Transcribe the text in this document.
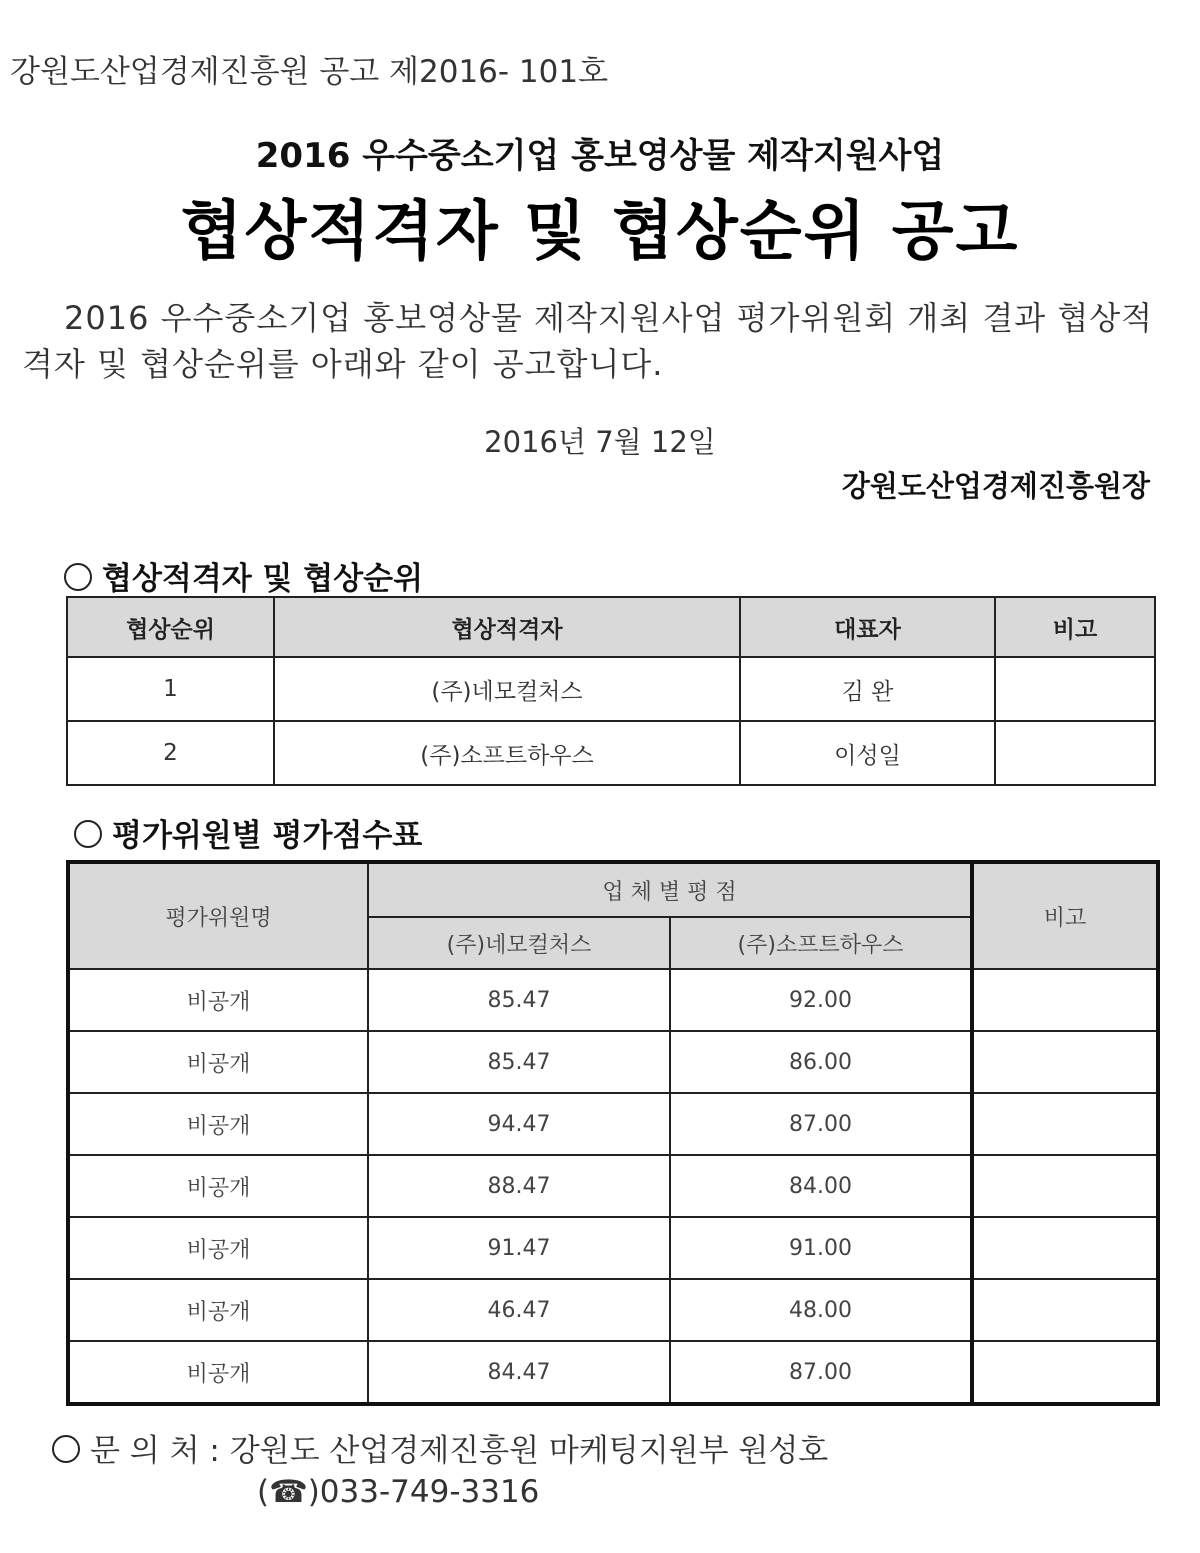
강원도산업경제진흥원 공고 제2016- 101호
2016 우수중소기업 홍보영상물 제작지원사업
협상적격자 및 협상순위 공고
2016 우수중소기업 홍보영상물 제작지원사업 평가위원회 개최 결과 협상적격자 및 협상순위를 아래와 같이 공고합니다.
2016년 7월 12일
강원도산업경제진흥원장
협상적격자 및 협상순위
협상순위	협상적격자	대표자	비고
1	(주)네모컬처스	김 완	
2	(주)소프트하우스	이성일	
평가위원별 평가점수표
평가위원명	업 체 별 평 점		비고
	(주)네모컬처스	(주)소프트하우스	
비공개	85.47	92.00	
비공개	85.47	86.00	
비공개	94.47	87.00	
비공개	88.47	84.00	
비공개	91.47	91.00	
비공개	46.47	48.00	
비공개	84.47	87.00	
문 의 처 : 강원도 산업경제진흥원 마케팅지원부 원성호
(☎)033-749-3316
